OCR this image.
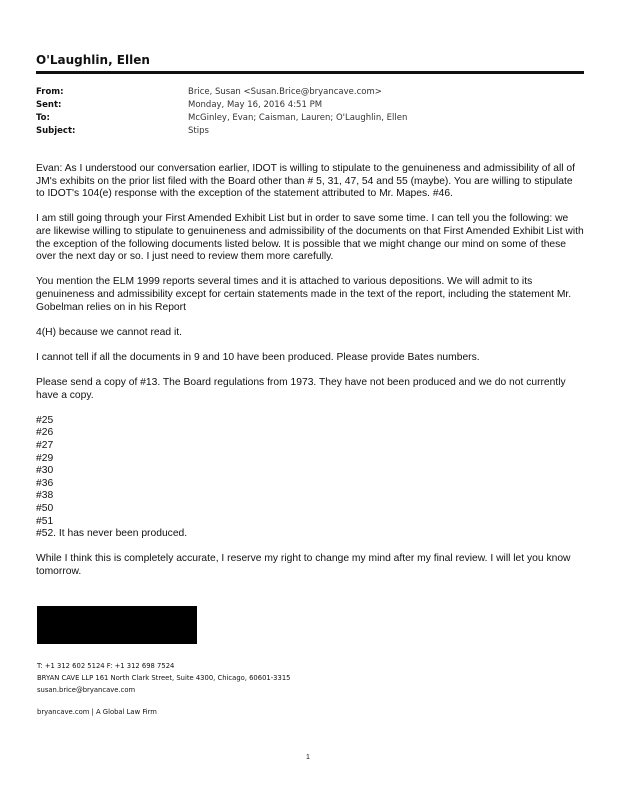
O'Laughlin, Ellen
From:	Brice, Susan <Susan.Brice@bryancave.com>
Sent:	Monday, May 16, 2016 4:51 PM
To:	McGinley, Evan; Caisman, Lauren; O'Laughlin, Ellen
Subject:	Stips

Evan: As I understood our conversation earlier, IDOT is willing to stipulate to the genuineness and admissibility of all of JM's exhibits on the prior list filed with the Board other than # 5, 31, 47, 54 and 55 (maybe). You are willing to stipulate to IDOT's 104(e) response with the exception of the statement attributed to Mr. Mapes. #46.

I am still going through your First Amended Exhibit List but in order to save some time. I can tell you the following: we are likewise willing to stipulate to genuineness and admissibility of the documents on that First Amended Exhibit List with the exception of the following documents listed below. It is possible that we might change our mind on some of these over the next day or so. I just need to review them more carefully.

You mention the ELM 1999 reports several times and it is attached to various depositions. We will admit to its genuineness and admissibility except for certain statements made in the text of the report, including the statement Mr. Gobelman relies on in his Report

4(H) because we cannot read it.

I cannot tell if all the documents in 9 and 10 have been produced. Please provide Bates numbers.

Please send a copy of #13. The Board regulations from 1973. They have not been produced and we do not currently have a copy.

#25
#26
#27
#29
#30
#36
#38
#50
#51
#52. It has never been produced.

While I think this is completely accurate, I reserve my right to change my mind after my final review. I will let you know tomorrow.

T: +1 312 602 5124 F: +1 312 698 7524
BRYAN CAVE LLP 161 North Clark Street, Suite 4300, Chicago, 60601-3315
susan.brice@bryancave.com
bryancave.com | A Global Law Firm
1
